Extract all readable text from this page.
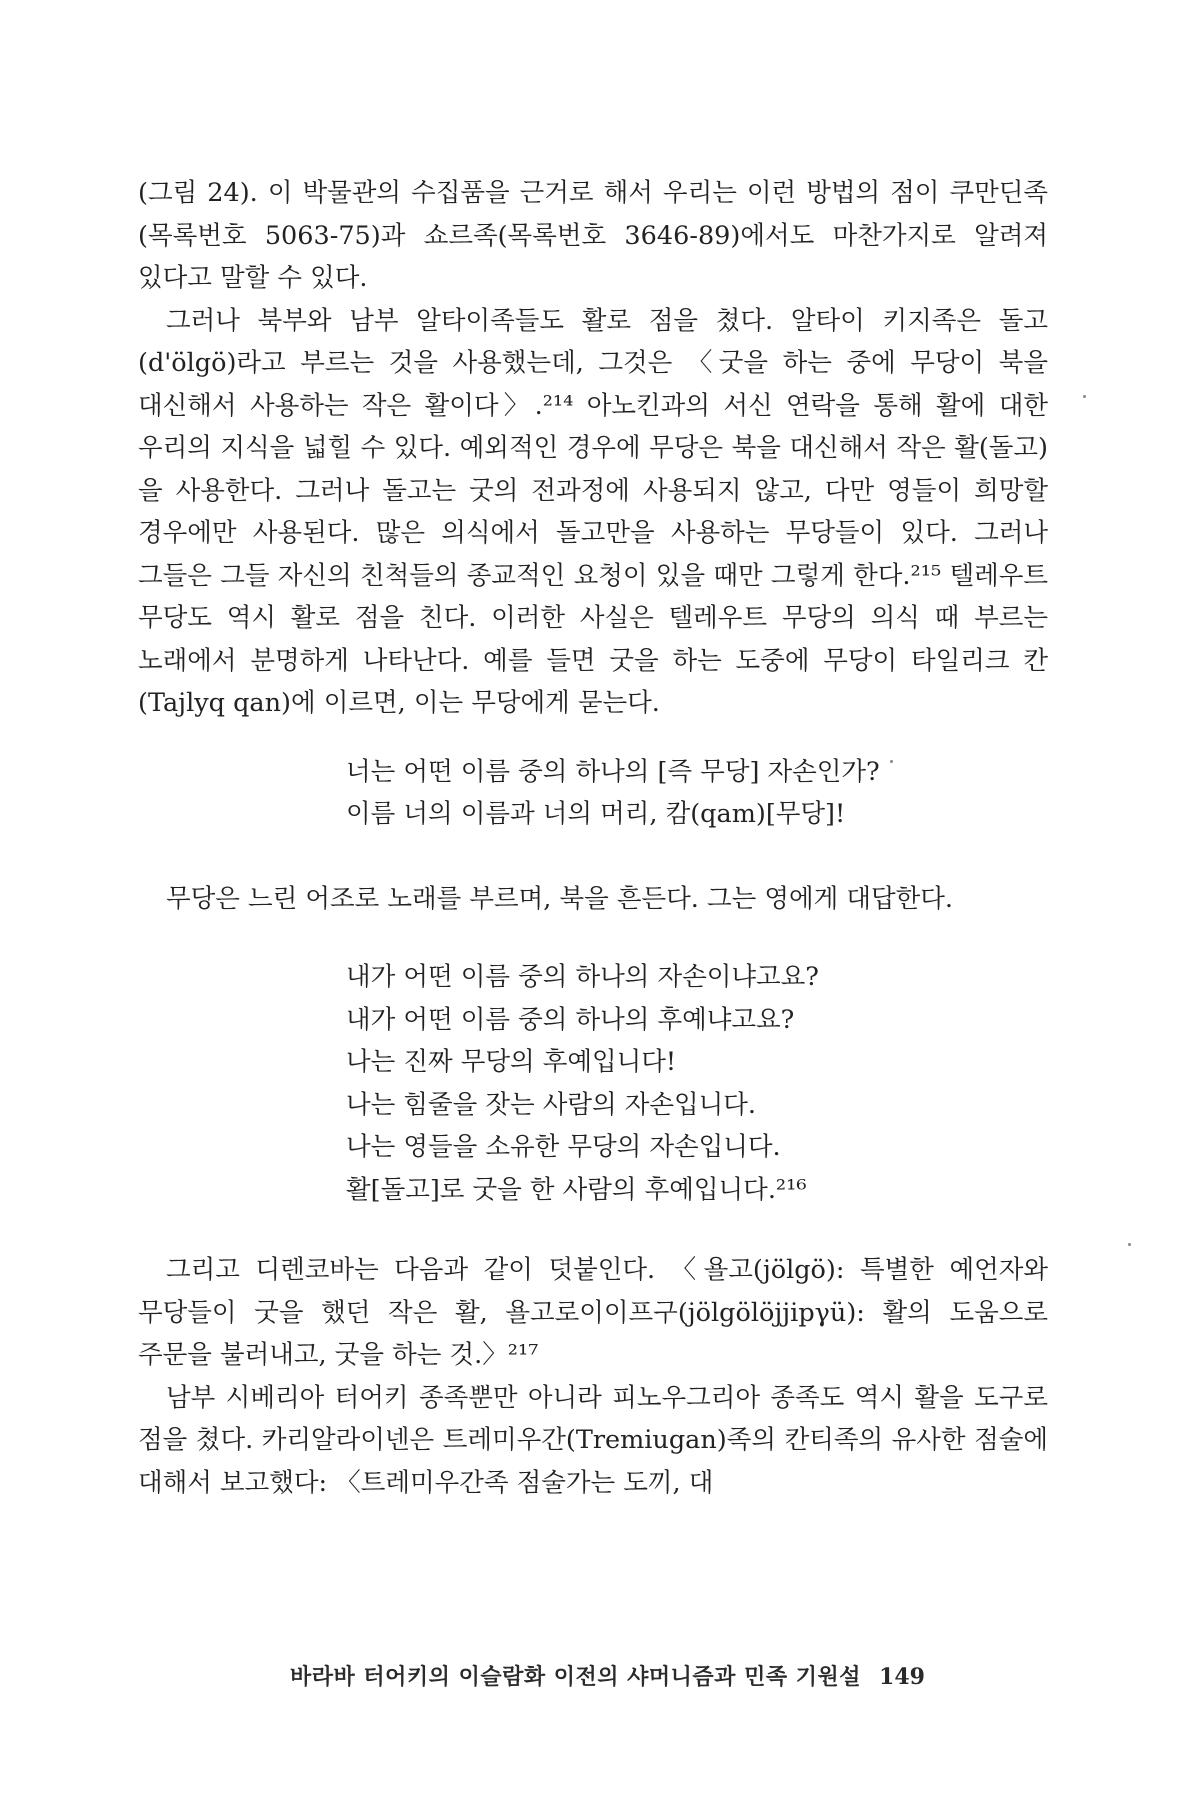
(그림 24). 이 박물관의 수집품을 근거로 해서 우리는 이런 방법의 점이 쿠만딘족(목록번호 5063-75)과 쇼르족(목록번호 3646-89)에서도 마찬가지로 알려져 있다고 말할 수 있다.

그러나 북부와 남부 알타이족들도 활로 점을 쳤다. 알타이 키지족은 돌고(d'ölgö)라고 부르는 것을 사용했는데, 그것은 〈굿을 하는 중에 무당이 북을 대신해서 사용하는 작은 활이다〉.²¹⁴ 아노킨과의 서신 연락을 통해 활에 대한 우리의 지식을 넓힐 수 있다. 예외적인 경우에 무당은 북을 대신해서 작은 활(돌고)을 사용한다. 그러나 돌고는 굿의 전과정에 사용되지 않고, 다만 영들이 희망할 경우에만 사용된다. 많은 의식에서 돌고만을 사용하는 무당들이 있다. 그러나 그들은 그들 자신의 친척들의 종교적인 요청이 있을 때만 그렇게 한다.²¹⁵ 텔레우트 무당도 역시 활로 점을 친다. 이러한 사실은 텔레우트 무당의 의식 때 부르는 노래에서 분명하게 나타난다. 예를 들면 굿을 하는 도중에 무당이 타일리크 칸(Tajlyq qan)에 이르면, 이는 무당에게 묻는다.

너는 어떤 이름 중의 하나의 [즉 무당] 자손인가?
이름 너의 이름과 너의 머리, 캄(qam)[무당]!

무당은 느린 어조로 노래를 부르며, 북을 흔든다. 그는 영에게 대답한다.

내가 어떤 이름 중의 하나의 자손이냐고요?
내가 어떤 이름 중의 하나의 후예냐고요?
나는 진짜 무당의 후예입니다!
나는 힘줄을 잣는 사람의 자손입니다.
나는 영들을 소유한 무당의 자손입니다.
활[돌고]로 굿을 한 사람의 후예입니다.²¹⁶

그리고 디렌코바는 다음과 같이 덧붙인다. 〈욜고(jölgö): 특별한 예언자와 무당들이 굿을 했던 작은 활, 욜고로이이프구(jölgölöjjipγü): 활의 도움으로 주문을 불러내고, 굿을 하는 것.〉²¹⁷

남부 시베리아 터어키 종족뿐만 아니라 피노우그리아 종족도 역시 활을 도구로 점을 쳤다. 카리알라이넨은 트레미우간(Tremiugan)족의 칸티족의 유사한 점술에 대해서 보고했다: 〈트레미우간족 점술가는 도끼, 대

바라바 터어키의 이슬람화 이전의 샤머니즘과 민족 기원설 149
